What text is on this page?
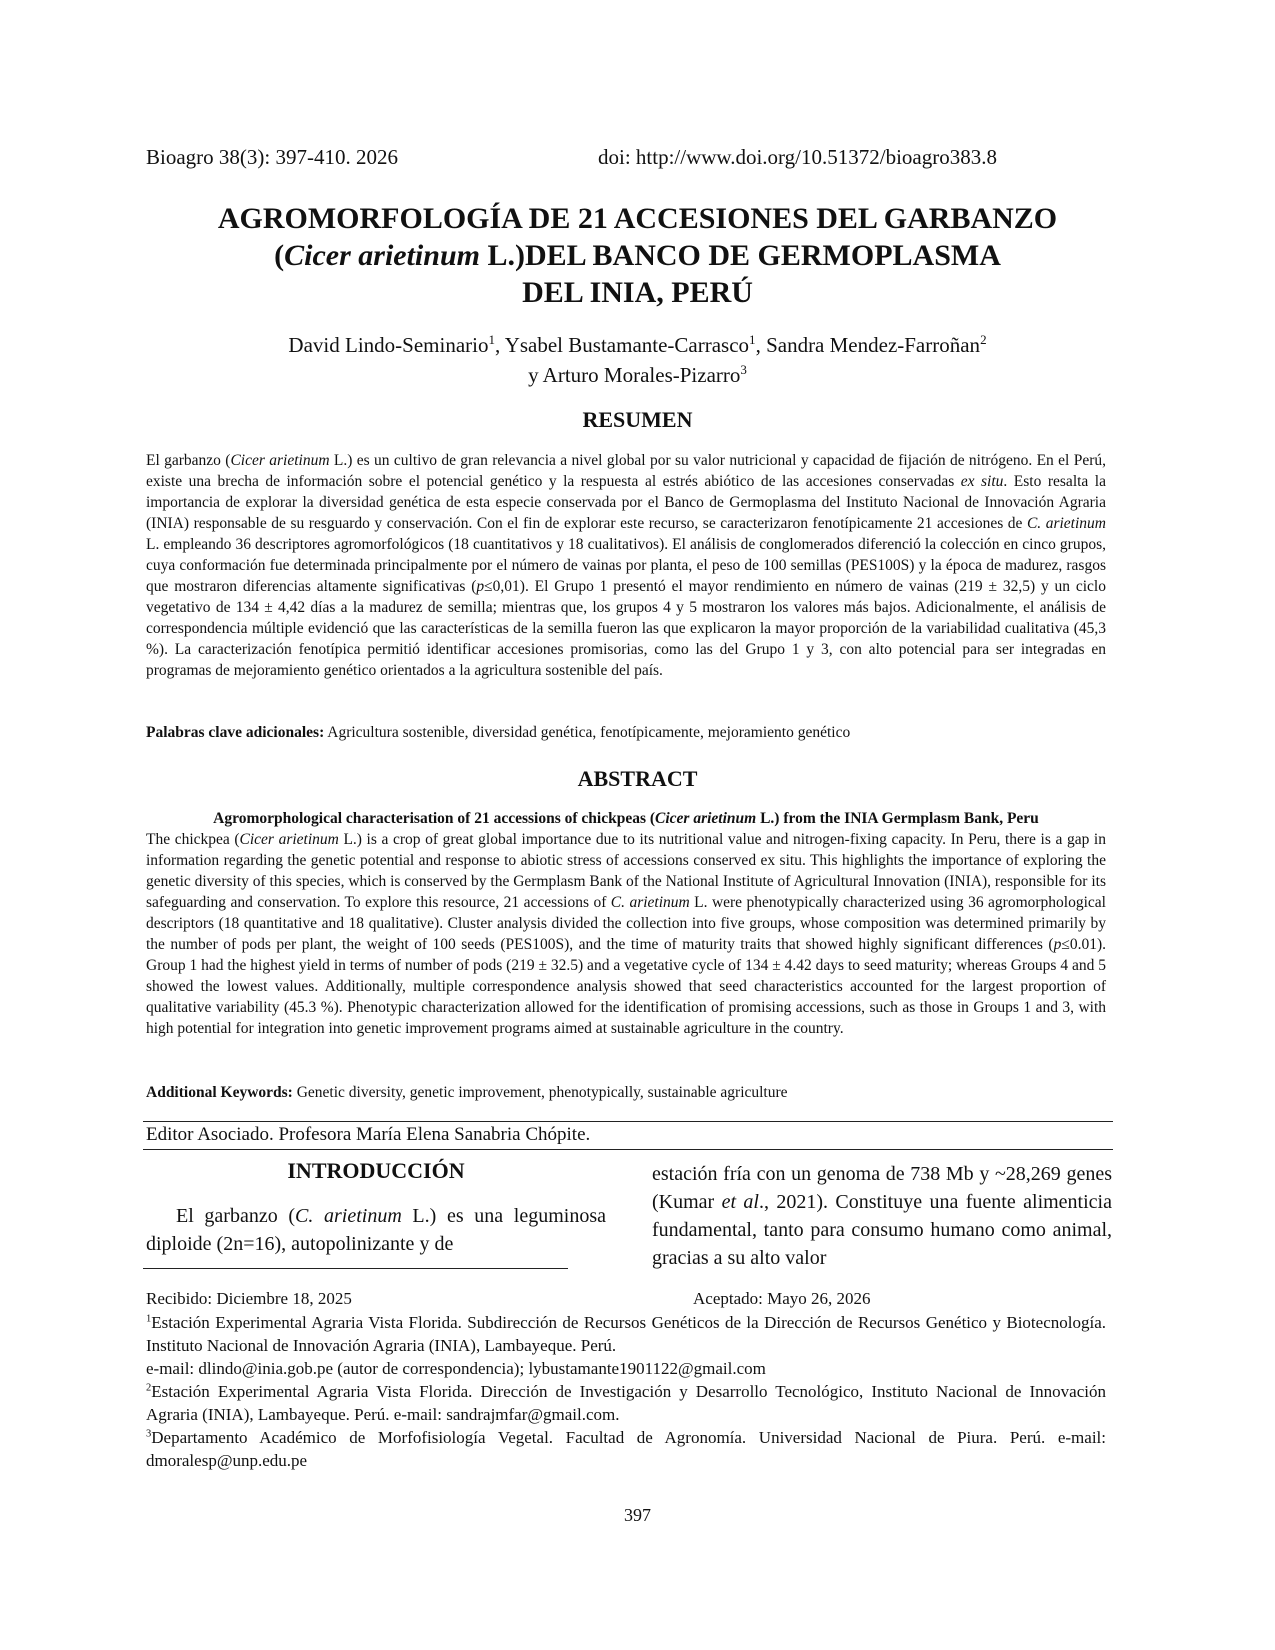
Bioagro 38(3): 397-410. 2026	doi: http://www.doi.org/10.51372/bioagro383.8
AGROMORFOLOGÍA DE 21 ACCESIONES DEL GARBANZO
(Cicer arietinum L.)DEL BANCO DE GERMOPLASMA
DEL INIA, PERÚ
David Lindo-Seminario$^1$, Ysabel Bustamante-Carrasco$^1$, Sandra Mendez-Farroñan$^2$
y Arturo Morales-Pizarro$^3$
RESUMEN
El garbanzo (Cicer arietinum L.) es un cultivo de gran relevancia a nivel global por su valor nutricional y capacidad de fijación de nitrógeno. En el Perú, existe una brecha de información sobre el potencial genético y la respuesta al estrés abiótico de las accesiones conservadas ex situ. Esto resalta la importancia de explorar la diversidad genética de esta especie conservada por el Banco de Germoplasma del Instituto Nacional de Innovación Agraria (INIA) responsable de su resguardo y conservación. Con el fin de explorar este recurso, se caracterizaron fenotípicamente 21 accesiones de C. arietinum L. empleando 36 descriptores agromorfológicos (18 cuantitativos y 18 cualitativos). El análisis de conglomerados diferenció la colección en cinco grupos, cuya conformación fue determinada principalmente por el número de vainas por planta, el peso de 100 semillas (PES100S) y la época de madurez, rasgos que mostraron diferencias altamente significativas (p≤0,01). El Grupo 1 presentó el mayor rendimiento en número de vainas (219 ± 32,5) y un ciclo vegetativo de 134 ± 4,42 días a la madurez de semilla; mientras que, los grupos 4 y 5 mostraron los valores más bajos. Adicionalmente, el análisis de correspondencia múltiple evidenció que las características de la semilla fueron las que explicaron la mayor proporción de la variabilidad cualitativa (45,3 %). La caracterización fenotípica permitió identificar accesiones promisorias, como las del Grupo 1 y 3, con alto potencial para ser integradas en programas de mejoramiento genético orientados a la agricultura sostenible del país.
Palabras clave adicionales: Agricultura sostenible, diversidad genética, fenotípicamente, mejoramiento genético
ABSTRACT
Agromorphological characterisation of 21 accessions of chickpeas (Cicer arietinum L.) from the INIA Germplasm Bank, Peru
The chickpea (Cicer arietinum L.) is a crop of great global importance due to its nutritional value and nitrogen-fixing capacity. In Peru, there is a gap in information regarding the genetic potential and response to abiotic stress of accessions conserved ex situ. This highlights the importance of exploring the genetic diversity of this species, which is conserved by the Germplasm Bank of the National Institute of Agricultural Innovation (INIA), responsible for its safeguarding and conservation. To explore this resource, 21 accessions of C. arietinum L. were phenotypically characterized using 36 agromorphological descriptors (18 quantitative and 18 qualitative). Cluster analysis divided the collection into five groups, whose composition was determined primarily by the number of pods per plant, the weight of 100 seeds (PES100S), and the time of maturity traits that showed highly significant differences (p≤0.01). Group 1 had the highest yield in terms of number of pods (219 ± 32.5) and a vegetative cycle of 134 ± 4.42 days to seed maturity; whereas Groups 4 and 5 showed the lowest values. Additionally, multiple correspondence analysis showed that seed characteristics accounted for the largest proportion of qualitative variability (45.3 %). Phenotypic characterization allowed for the identification of promising accessions, such as those in Groups 1 and 3, with high potential for integration into genetic improvement programs aimed at sustainable agriculture in the country.
Additional Keywords: Genetic diversity, genetic improvement, phenotypically, sustainable agriculture
Editor Asociado. Profesora María Elena Sanabria Chópite.
INTRODUCCIÓN
El garbanzo (C. arietinum L.) es una leguminosa diploide (2n=16), autopolinizante y de
estación fría con un genoma de 738 Mb y ~28,269 genes (Kumar et al., 2021). Constituye una fuente alimenticia fundamental, tanto para consumo humano como animal, gracias a su alto valor
Recibido: Diciembre 18, 2025	Aceptado: Mayo 26, 2026
$^1$Estación Experimental Agraria Vista Florida. Subdirección de Recursos Genéticos de la Dirección de Recursos Genético y Biotecnología. Instituto Nacional de Innovación Agraria (INIA), Lambayeque. Perú.
e-mail: dlindo@inia.gob.pe (autor de correspondencia); lybustamante1901122@gmail.com
$^2$Estación Experimental Agraria Vista Florida. Dirección de Investigación y Desarrollo Tecnológico, Instituto Nacional de Innovación Agraria (INIA), Lambayeque. Perú. e-mail: sandrajmfar@gmail.com.
$^3$Departamento Académico de Morfofisiología Vegetal. Facultad de Agronomía. Universidad Nacional de Piura. Perú. e-mail: dmoralesp@unp.edu.pe
397
